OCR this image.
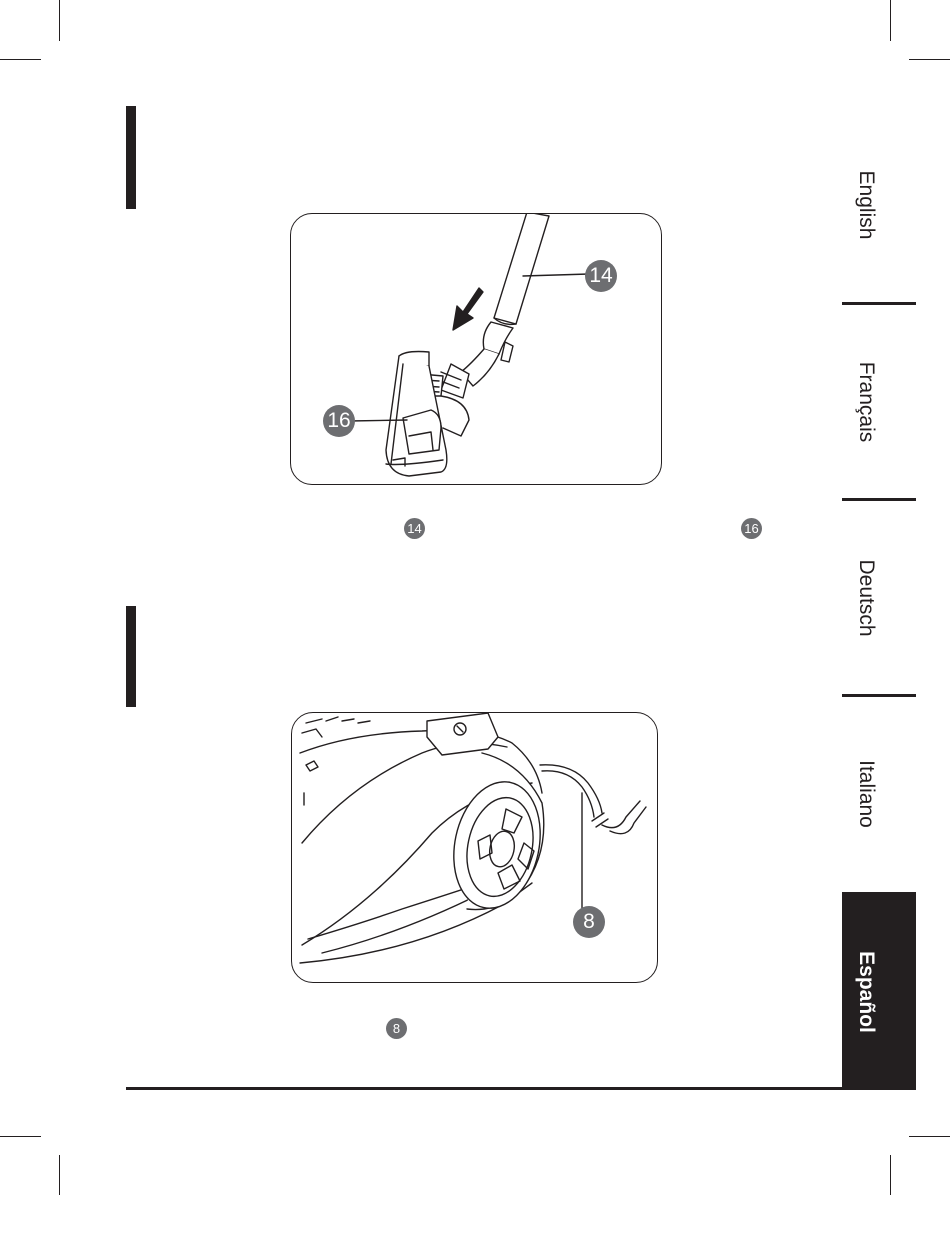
14
16
14	16
8
8
English
Français
Deutsch
Italiano
Español
